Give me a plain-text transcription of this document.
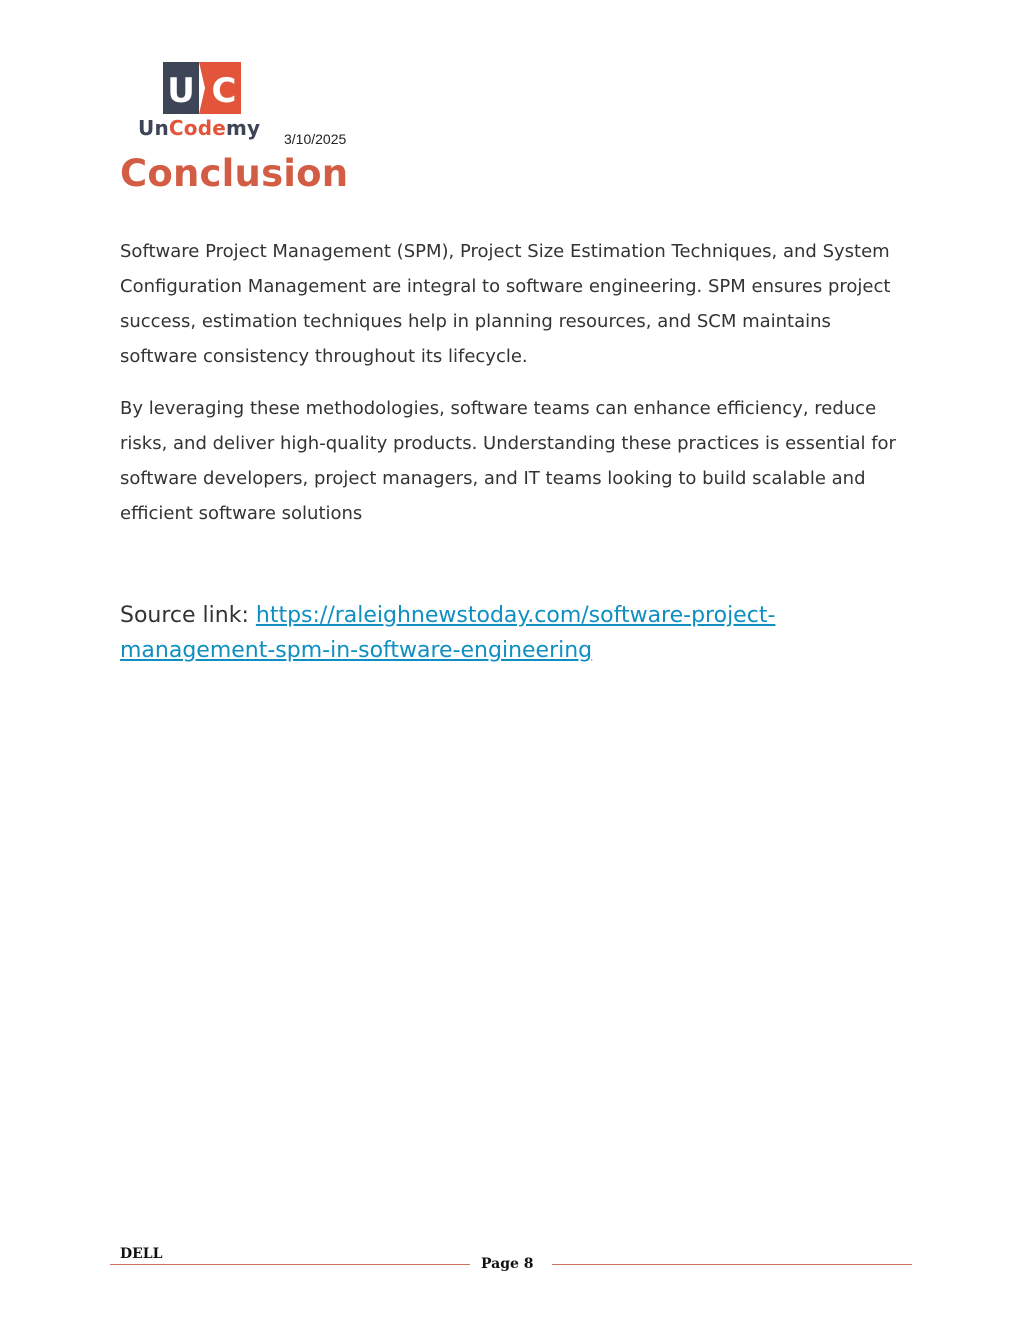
U C
UnCodemy 3/10/2025
Conclusion

Software Project Management (SPM), Project Size Estimation Techniques, and System Configuration Management are integral to software engineering. SPM ensures project success, estimation techniques help in planning resources, and SCM maintains software consistency throughout its lifecycle.

By leveraging these methodologies, software teams can enhance efficiency, reduce risks, and deliver high-quality products. Understanding these practices is essential for software developers, project managers, and IT teams looking to build scalable and efficient software solutions

Source link: https://raleighnewstoday.com/software-project-management-spm-in-software-engineering
DELL
Page 8
